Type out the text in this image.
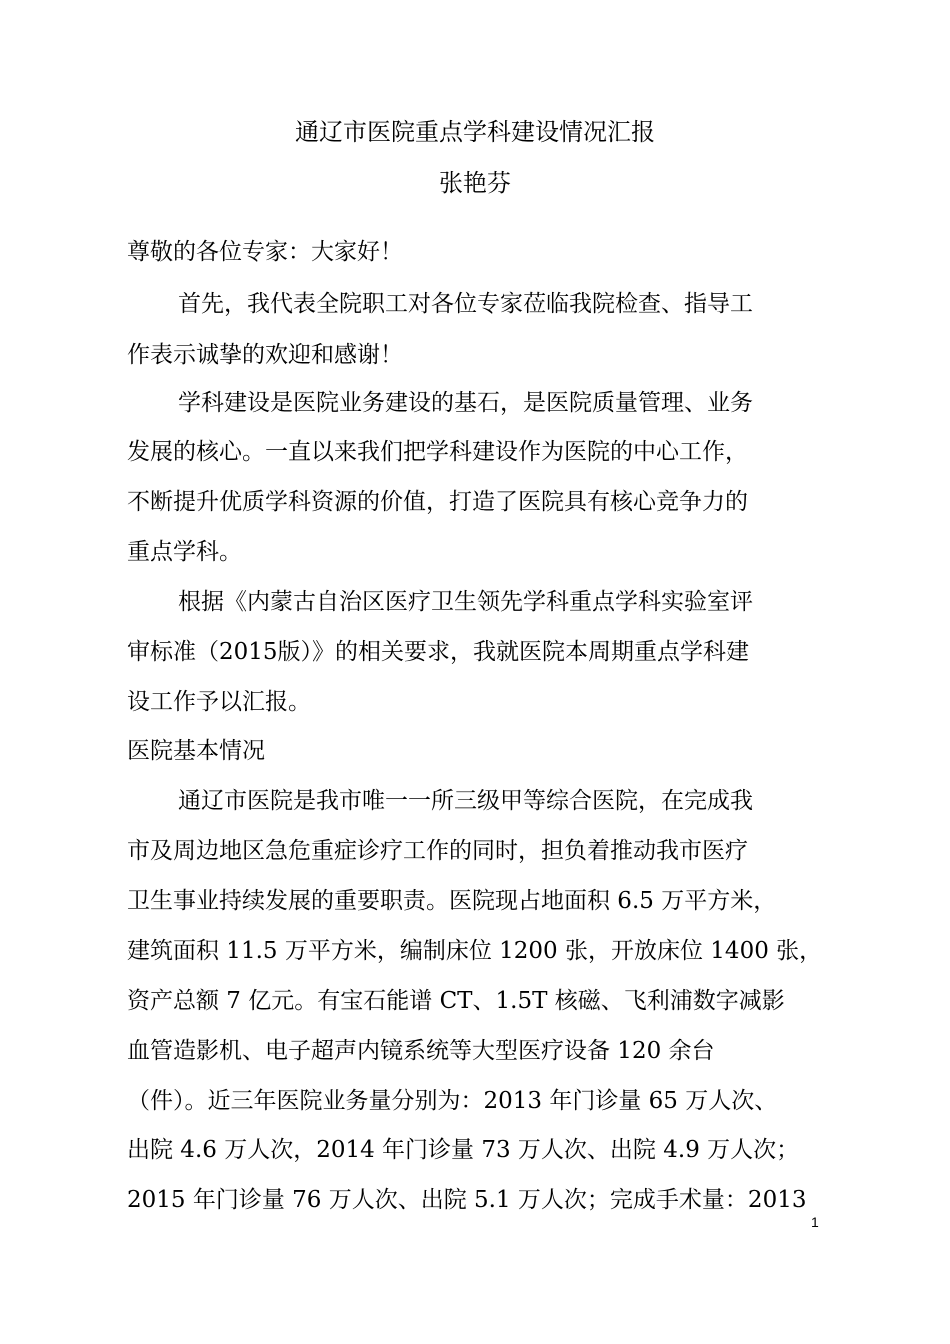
通辽市医院重点学科建设情况汇报
张艳芬
尊敬的各位专家：大家好！
首先，我代表全院职工对各位专家莅临我院检查、指导工
作表示诚挚的欢迎和感谢！
学科建设是医院业务建设的基石，是医院质量管理、业务
发展的核心。一直以来我们把学科建设作为医院的中心工作，
不断提升优质学科资源的价值，打造了医院具有核心竞争力的
重点学科。
根据《内蒙古自治区医疗卫生领先学科重点学科实验室评
审标准（2015版）》的相关要求，我就医院本周期重点学科建
设工作予以汇报。
医院基本情况
通辽市医院是我市唯一一所三级甲等综合医院，在完成我
市及周边地区急危重症诊疗工作的同时，担负着推动我市医疗
卫生事业持续发展的重要职责。医院现占地面积 6.5 万平方米，
建筑面积 11.5 万平方米，编制床位 1200 张，开放床位 1400 张，
资产总额 7 亿元。有宝石能谱 CT、1.5T 核磁、飞利浦数字减影
血管造影机、电子超声内镜系统等大型医疗设备 120 余台
（件）。近三年医院业务量分别为：2013 年门诊量 65 万人次、
出院 4.6 万人次，2014 年门诊量 73 万人次、出院 4.9 万人次；
2015 年门诊量 76 万人次、出院 5.1 万人次；完成手术量：2013
1
